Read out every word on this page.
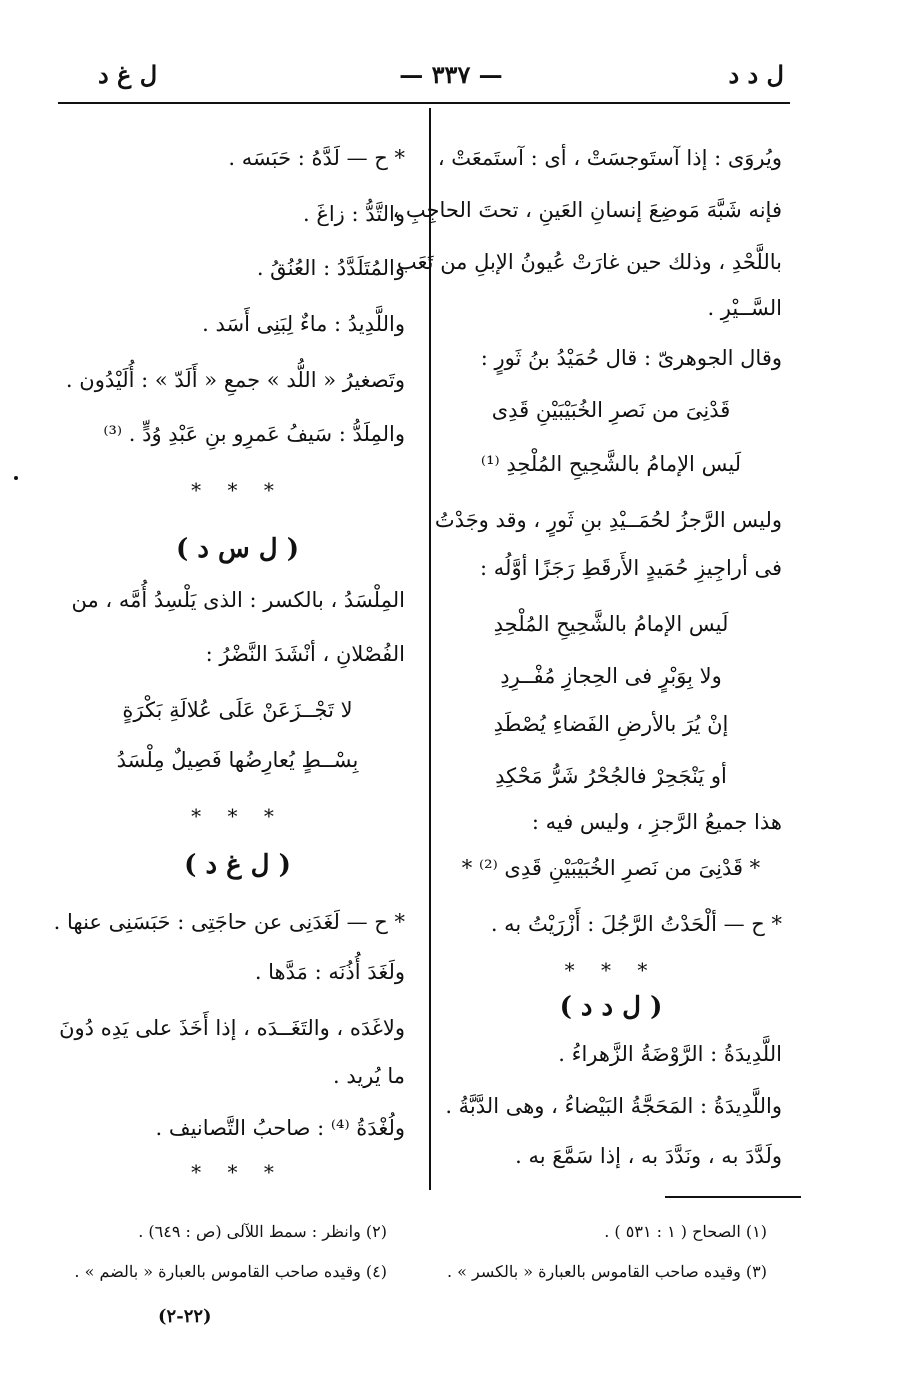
ل د د
— ٣٣٧ —
ل غ د
ويُروَى : إذا آستَوجسَتْ ، أى : آستَمعَتْ ،
فإنه شَبَّهَ مَوضِعَ إنسانِ العَينِ ، تحتَ الحاجِبِ ،
باللَّحْدِ ، وذلك حين غارَتْ عُيونُ الإبلِ من تَعَب
السَّــيْرِ .
وقال الجوهرىّ : قال حُمَيْدُ بنُ ثَورٍ :
قَدْنِىَ من نَصرِ الخُبَيْبَيْنِ قَدِى
لَيس الإمامُ بالشَّحِيحِ المُلْحِدِ ⁽¹⁾
وليس الرَّجزُ لحُمَــيْدِ بنِ ثَورٍ ، وقد وجَدْتُ
فى أراجِيزِ حُمَيدٍ الأَرقَطِ رَجَزًا أوَّلُه :
لَيس الإمامُ بالشَّحِيحِ المُلْحِدِ
ولا بِوَبْرٍ فى الحِجازِ مُفْــرِدِ
إنْ يُرَ بالأرضِ الفَضاءِ يُصْطَدِ
أو يَنْجَحِرْ فالجُحْرُ شَرُّ مَحْكِدِ
هذا جميعُ الرَّجزِ ، وليس فيه :
* قَدْنِىَ من نَصرِ الخُبَيْبَيْنِ قَدِى ⁽²⁾ *
* ح — ألْحَدْتُ الرَّجُلَ : أَزْرَيْتُ به .
* * *
( ل د د )
اللَّدِيدَةُ : الرَّوْضَةُ الزَّهراءُ .
واللَّدِيدَةُ : المَحَجَّةُ البَيْضاءُ ، وهى الدَّبَّةُ .
ولَدَّدَ به ، ونَدَّدَ به ، إذا سَمَّعَ به .
* ح — لَدَّهُ : حَبَسَه .
والتَّدُّ : زاغَ .
والمُتَلَدَّدُ : العُنُقُ .
واللَّدِيدُ : ماءٌ لِبَنِى أَسَد .
وتَصغيرُ « اللُّد » جمعِ « أَلَدّ » : أُلَيْدُون .
والمِلَدُّ : سَيفُ عَمرِو بنِ عَبْدِ وُدٍّ . ⁽³⁾
* * *
( ل س د )
المِلْسَدُ ، بالكسر : الذى يَلْسِدُ أُمَّه ، من
الفُصْلانِ ، أنْشَدَ النَّضْرُ :
لا تَجْــزَعَنْ عَلَى عُلالَةِ بَكْرَةٍ
بِسْــطٍ يُعارِضُها فَصِيلٌ مِلْسَدُ
* * *
( ل غ د )
* ح — لَغَدَنِى عن حاجَتِى : حَبَسَنِى عنها .
ولَغَدَ أُذُنَه : مَدَّها .
ولاغَدَه ، والتَغَــدَه ، إذا أَخَذَ على يَدِه دُونَ
ما يُريد .
ولُغْدَةُ ⁽⁴⁾ : صاحبُ التَّصانيف .
* * *
(١) الصحاح ( ١ : ٥٣١ ) .
(٣) وقيده صاحب القاموس بالعبارة « بالكسر » .
(٢) وانظر : سمط اللآلى (ص : ٦٤٩) .
(٤) وقيده صاحب القاموس بالعبارة « بالضم » .
(٢٢-٢)
